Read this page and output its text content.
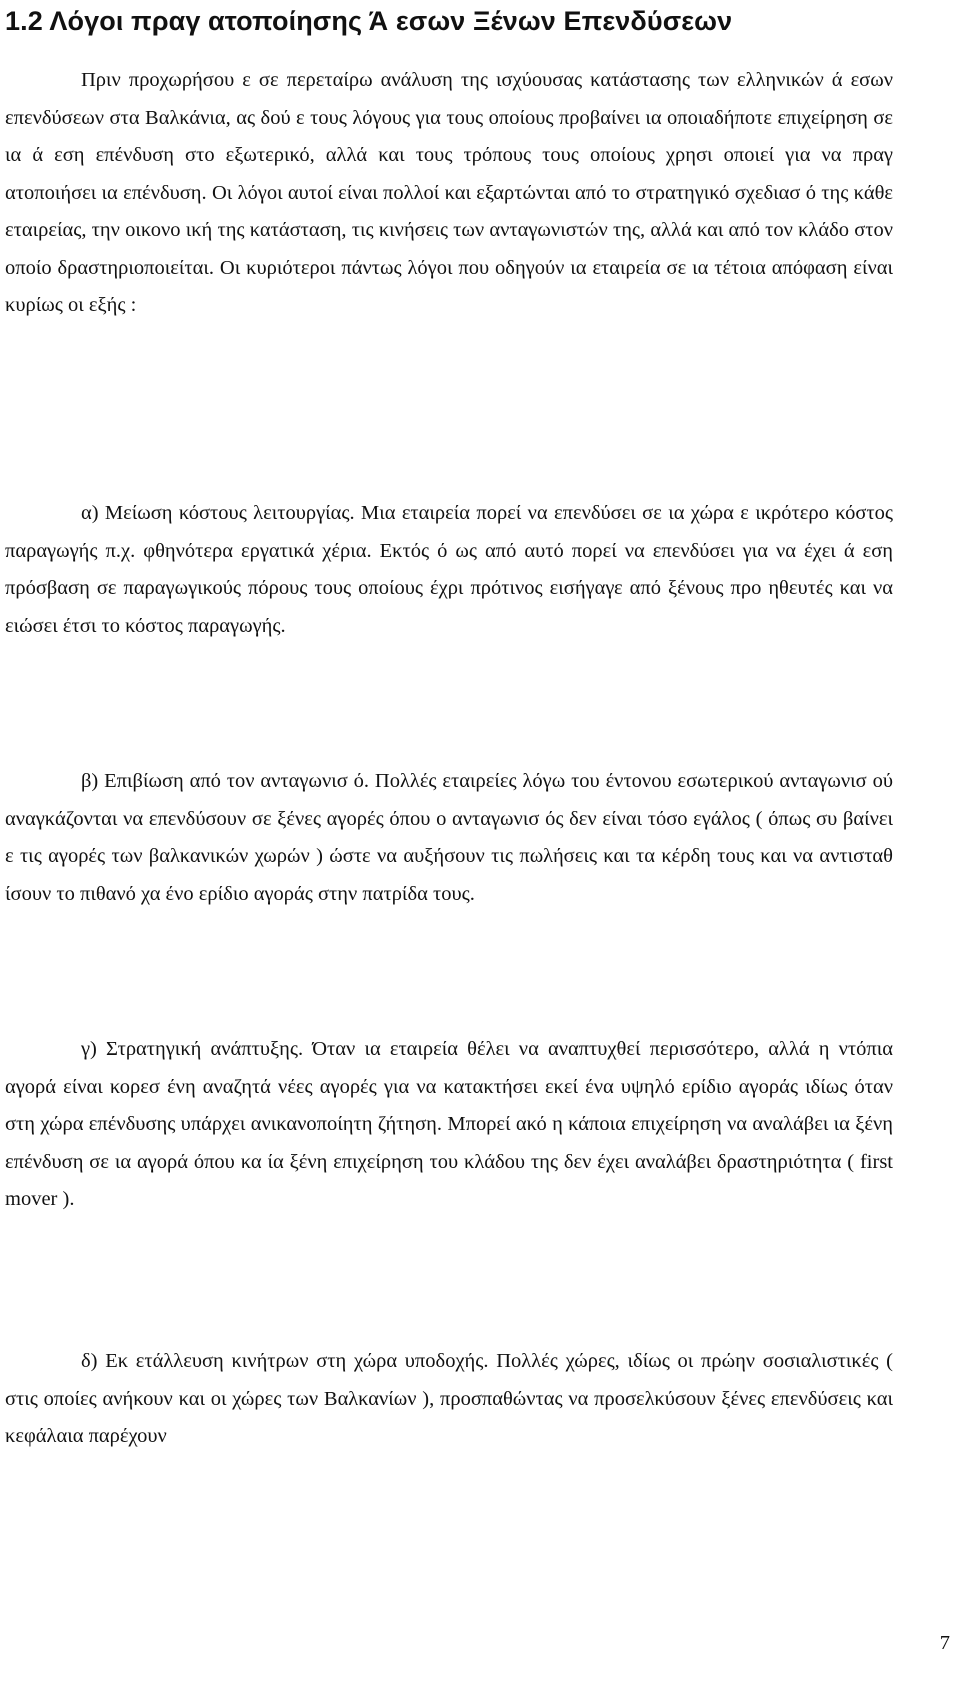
1.2 Λόγοι πραγ ατοποίησης Ά εσων Ξένων Επενδύσεων

Πριν προχωρήσου ε σε περεταίρω ανάλυση της ισχύουσας κατάστασης των ελληνικών ά εσων επενδύσεων στα Βαλκάνια, ας δού ε τους λόγους για τους οποίους προβαίνει ια οποιαδήποτε επιχείρηση σε ια ά εση επένδυση στο εξωτερικό, αλλά και τους τρόπους τους οποίους χρησι οποιεί για να πραγ ατοποιήσει ια επένδυση. Οι λόγοι αυτοί είναι πολλοί και εξαρτώνται από το στρατηγικό σχεδιασ ό της κάθε εταιρείας, την οικονο ική της κατάσταση, τις κινήσεις των ανταγωνιστών της, αλλά και από τον κλάδο στον οποίο δραστηριοποιείται. Οι κυριότεροι πάντως λόγοι που οδηγούν ια εταιρεία σε ια τέτοια απόφαση είναι κυρίως οι εξής :

α) Μείωση κόστους λειτουργίας. Μια εταιρεία πορεί να επενδύσει σε ια χώρα ε ικρότερο κόστος παραγωγής π.χ. φθηνότερα εργατικά χέρια. Εκτός ό ως από αυτό πορεί να επενδύσει για να έχει ά εση πρόσβαση σε παραγωγικούς πόρους τους οποίους έχρι πρότινος εισήγαγε από ξένους προ ηθευτές και να ειώσει έτσι το κόστος παραγωγής.

β) Επιβίωση από τον ανταγωνισ ό. Πολλές εταιρείες λόγω του έντονου εσωτερικού ανταγωνισ ού αναγκάζονται να επενδύσουν σε ξένες αγορές όπου ο ανταγωνισ ός δεν είναι τόσο εγάλος ( όπως συ βαίνει ε τις αγορές των βαλκανικών χωρών ) ώστε να αυξήσουν τις πωλήσεις και τα κέρδη τους και να αντισταθ ίσουν το πιθανό χα ένο ερίδιο αγοράς στην πατρίδα τους.

γ) Στρατηγική ανάπτυξης. Όταν ια εταιρεία θέλει να αναπτυχθεί περισσότερο, αλλά η ντόπια αγορά είναι κορεσ ένη αναζητά νέες αγορές για να κατακτήσει εκεί ένα υψηλό ερίδιο αγοράς ιδίως όταν στη χώρα επένδυσης υπάρχει ανικανοποίητη ζήτηση. Μπορεί ακό η κάποια επιχείρηση να αναλάβει ια ξένη επένδυση σε ια αγορά όπου κα ία ξένη επιχείρηση του κλάδου της δεν έχει αναλάβει δραστηριότητα ( first mover ).

δ) Εκ ετάλλευση κινήτρων στη χώρα υποδοχής. Πολλές χώρες, ιδίως οι πρώην σοσιαλιστικές ( στις οποίες ανήκουν και οι χώρες των Βαλκανίων ), προσπαθώντας να προσελκύσουν ξένες επενδύσεις και κεφάλαια παρέχουν

7
